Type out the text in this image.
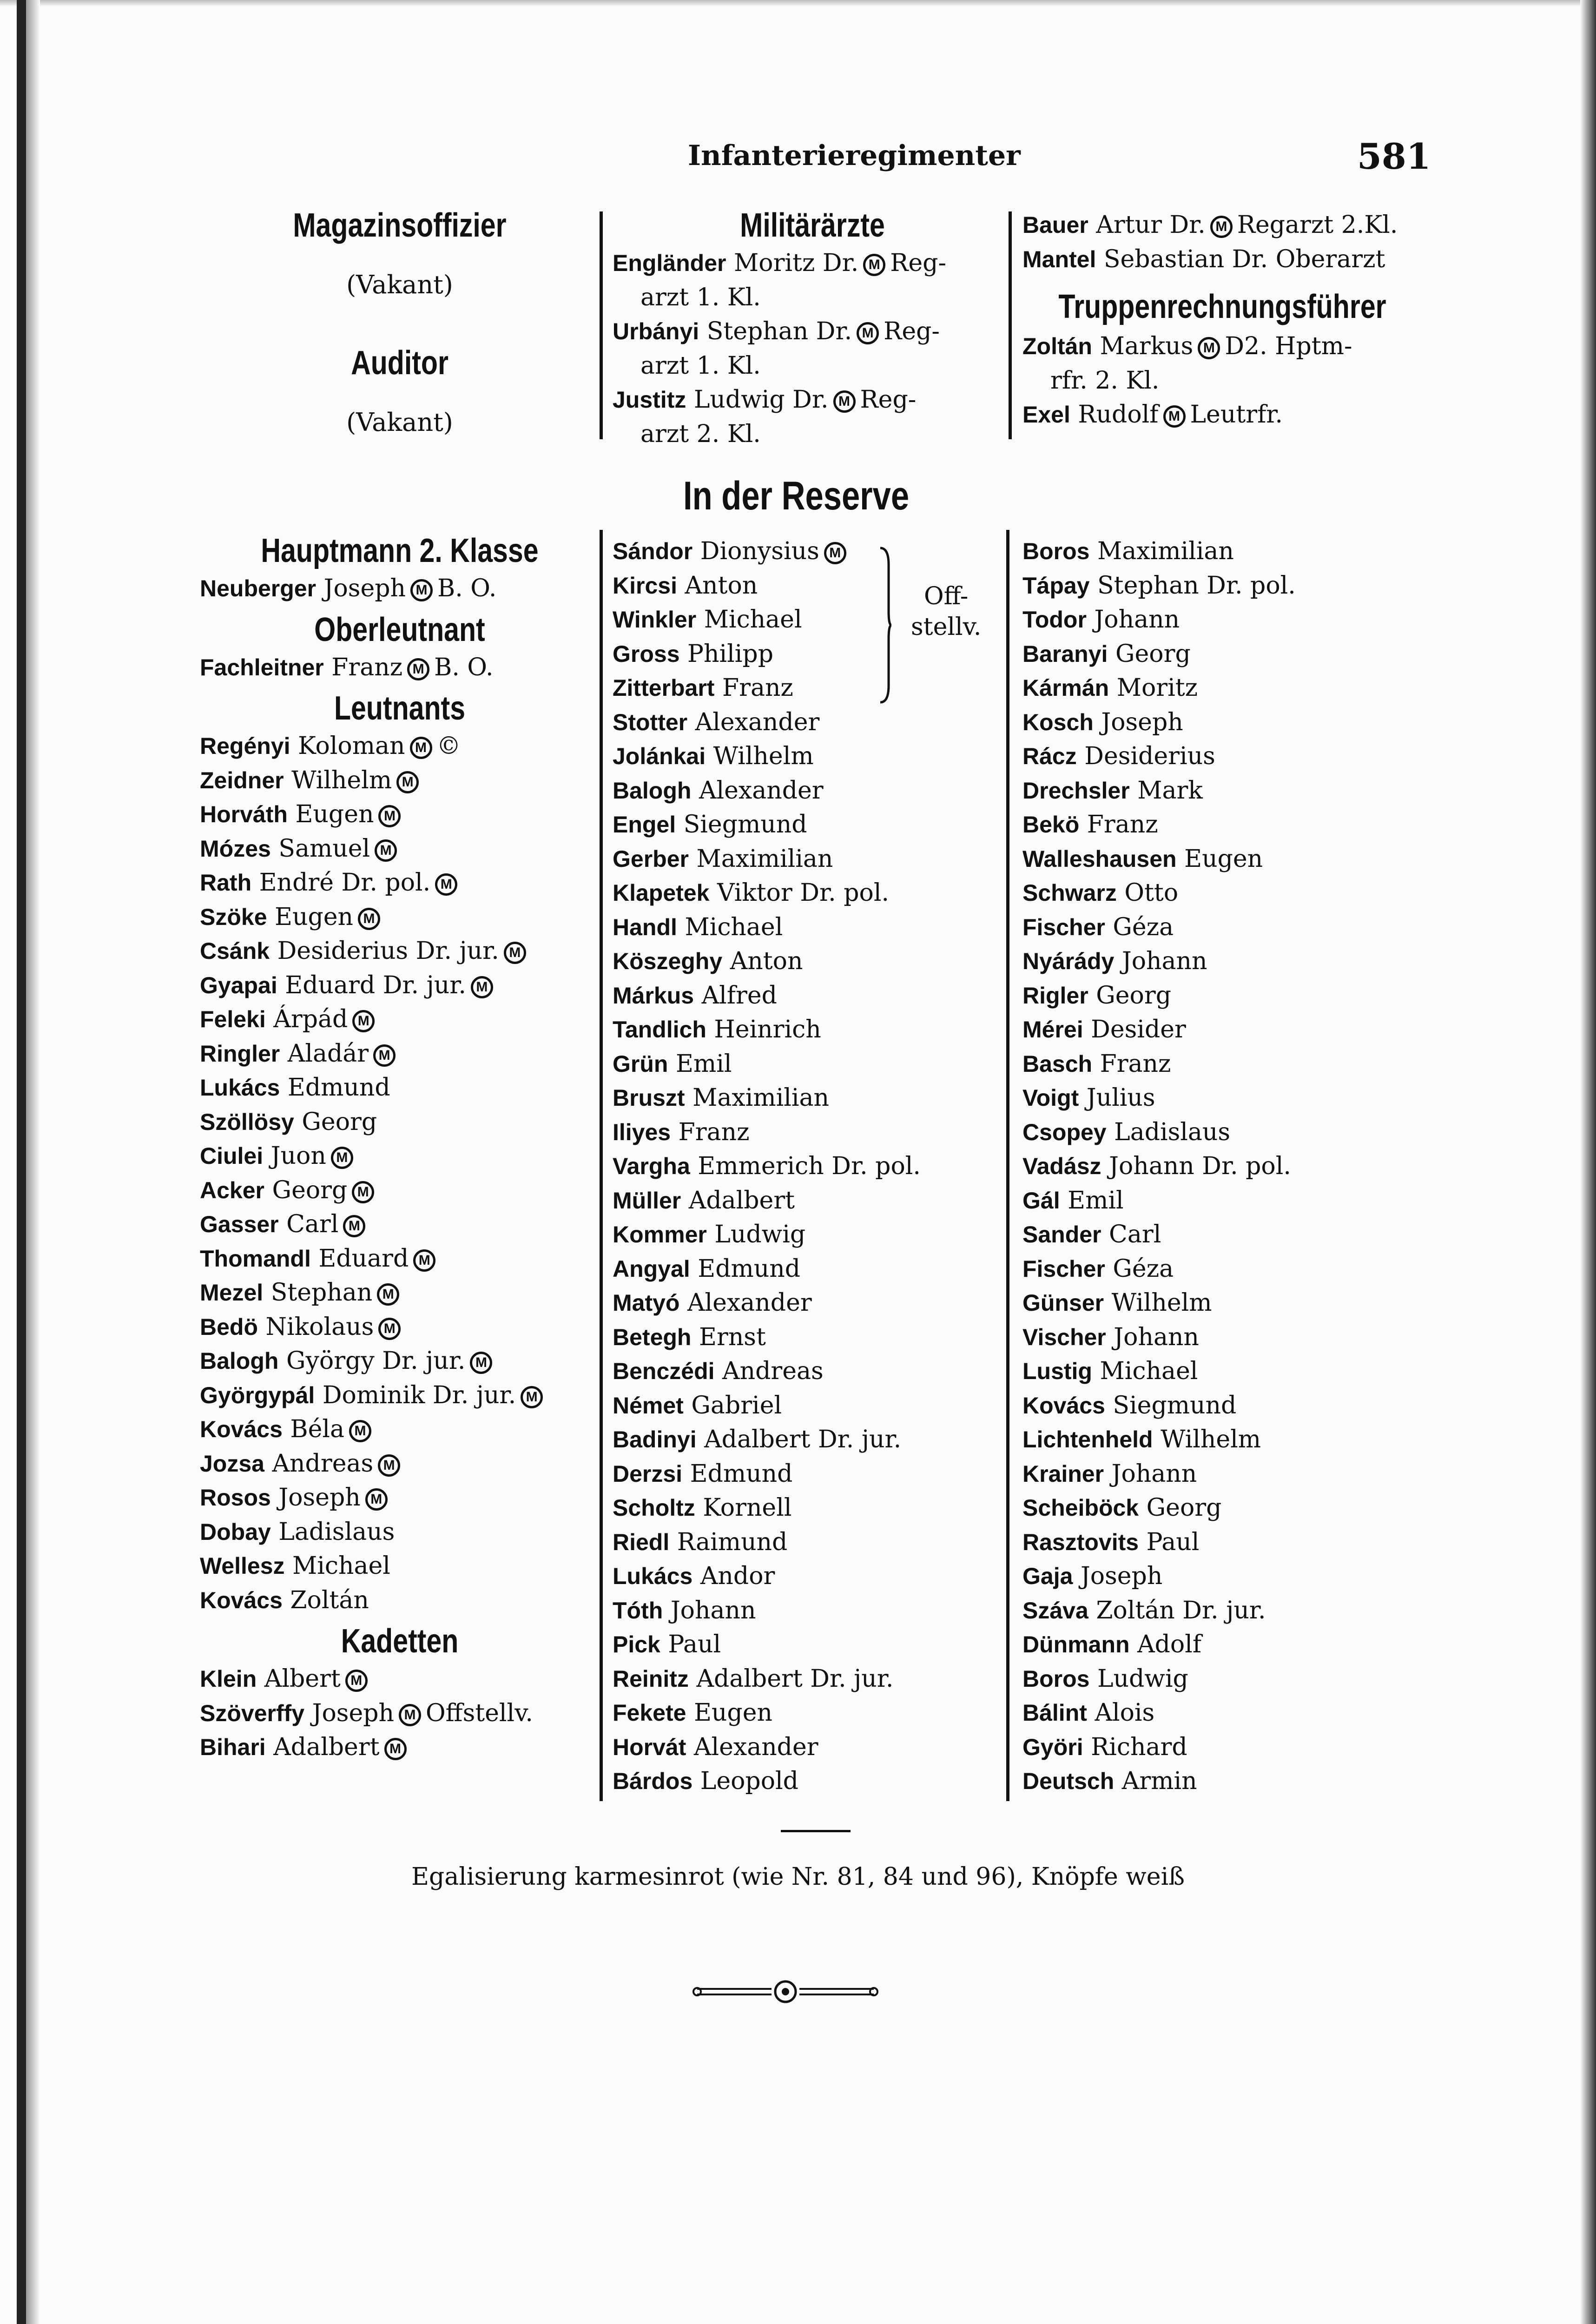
Infanterieregimenter	581
Magazinsoffizier
(Vakant)
Auditor
(Vakant)
Militärärzte
Engländer Moritz Dr. M Reg-
arzt 1. Kl.
Urbányi Stephan Dr. M Reg-
arzt 1. Kl.
Justitz Ludwig Dr. M Reg-
arzt 2. Kl.
Bauer Artur Dr. M Regarzt 2.Kl.
Mantel Sebastian Dr. Oberarzt
Truppenrechnungsführer
Zoltán Markus M D2. Hptm-
rfr. 2. Kl.
Exel Rudolf M Leutrfr.
In der Reserve
Hauptmann 2. Klasse
Neuberger Joseph M B. O.
Oberleutnant
Fachleitner Franz M B. O.
Leutnants
Regényi Koloman M ©
Zeidner Wilhelm M
Horváth Eugen M
Mózes Samuel M
Rath Endré Dr. pol. M
Szöke Eugen M
Csánk Desiderius Dr. jur. M
Gyapai Eduard Dr. jur. M
Feleki Árpád M
Ringler Aladár M
Lukács Edmund
Szöllösy Georg
Ciulei Juon M
Acker Georg M
Gasser Carl M
Thomandl Eduard M
Mezel Stephan M
Bedö Nikolaus M
Balogh György Dr. jur. M
Györgypál Dominik Dr. jur. M
Kovács Béla M
Jozsa Andreas M
Rosos Joseph M
Dobay Ladislaus
Wellesz Michael
Kovács Zoltán
Kadetten
Klein Albert M
Szöverffy Joseph M Offstellv.
Bihari Adalbert M
Sándor Dionysius M
Kircsi Anton
Winkler Michael
Gross Philipp
Zitterbart Franz
Stotter Alexander
Jolánkai Wilhelm
Balogh Alexander
Engel Siegmund
Gerber Maximilian
Klapetek Viktor Dr. pol.
Handl Michael
Köszeghy Anton
Márkus Alfred
Tandlich Heinrich
Grün Emil
Bruszt Maximilian
Iliyes Franz
Vargha Emmerich Dr. pol.
Müller Adalbert
Kommer Ludwig
Angyal Edmund
Matyó Alexander
Betegh Ernst
Benczédi Andreas
Német Gabriel
Badinyi Adalbert Dr. jur.
Derzsi Edmund
Scholtz Kornell
Riedl Raimund
Lukács Andor
Tóth Johann
Pick Paul
Reinitz Adalbert Dr. jur.
Fekete Eugen
Horvát Alexander
Bárdos Leopold
Off-
stellv.
Boros Maximilian
Tápay Stephan Dr. pol.
Todor Johann
Baranyi Georg
Kármán Moritz
Kosch Joseph
Rácz Desiderius
Drechsler Mark
Bekö Franz
Walleshausen Eugen
Schwarz Otto
Fischer Géza
Nyárády Johann
Rigler Georg
Mérei Desider
Basch Franz
Voigt Julius
Csopey Ladislaus
Vadász Johann Dr. pol.
Gál Emil
Sander Carl
Fischer Géza
Günser Wilhelm
Vischer Johann
Lustig Michael
Kovács Siegmund
Lichtenheld Wilhelm
Krainer Johann
Scheiböck Georg
Rasztovits Paul
Gaja Joseph
Száva Zoltán Dr. jur.
Dünmann Adolf
Boros Ludwig
Bálint Alois
Györi Richard
Deutsch Armin
Egalisierung karmesinrot (wie Nr. 81, 84 und 96), Knöpfe weiß
